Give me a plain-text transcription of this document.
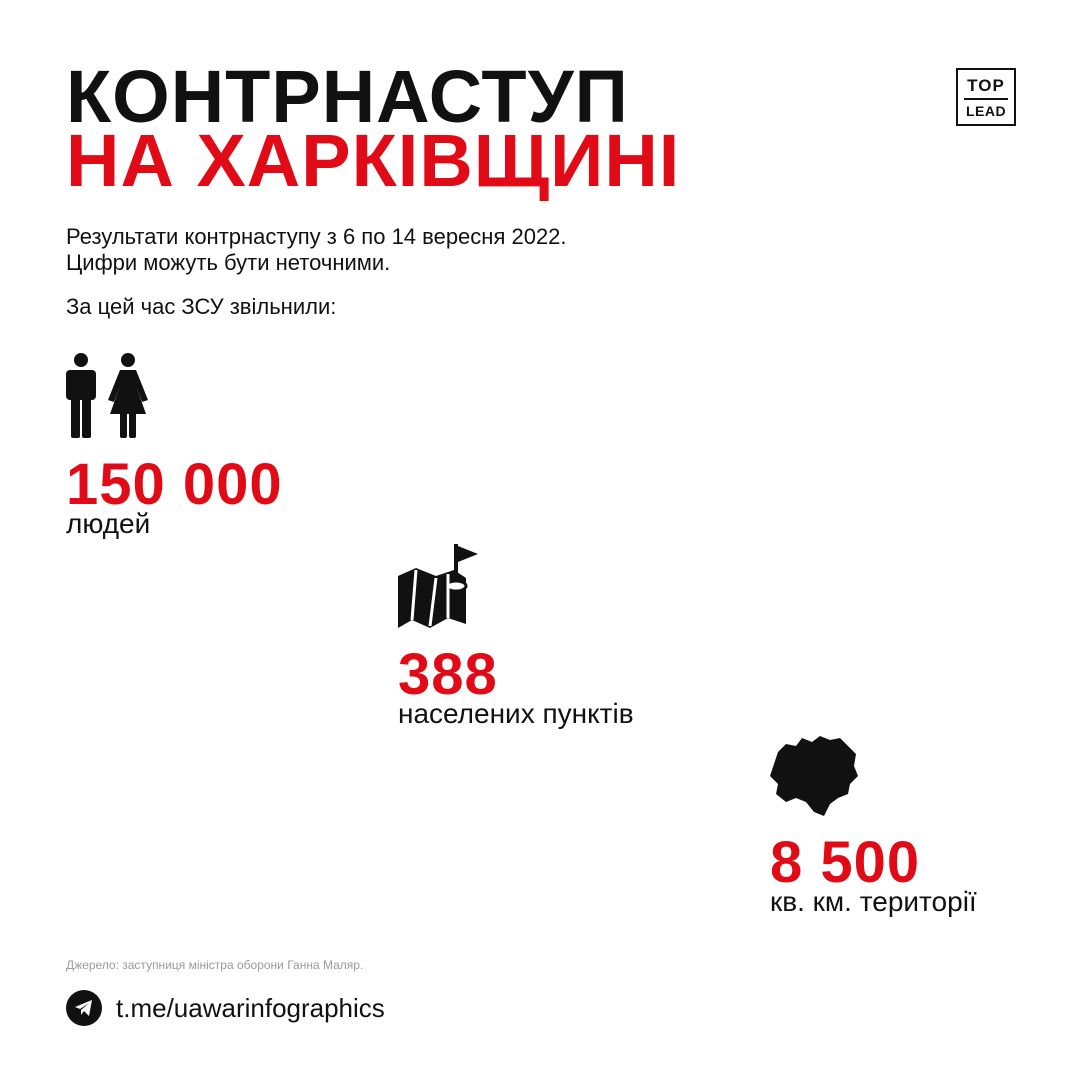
КОНТРНАСТУП
НА ХАРКІВЩИНІ
TOP
LEAD
Результати контрнаступу з 6 по 14 вересня 2022.
Цифри можуть бути неточними.
За цей час ЗСУ звільнили:
150 000
людей
388
населених пунктів
8 500
кв. км. території
Джерело: заступниця міністра оборони Ганна Маляр.
t.me/uawarinfographics
